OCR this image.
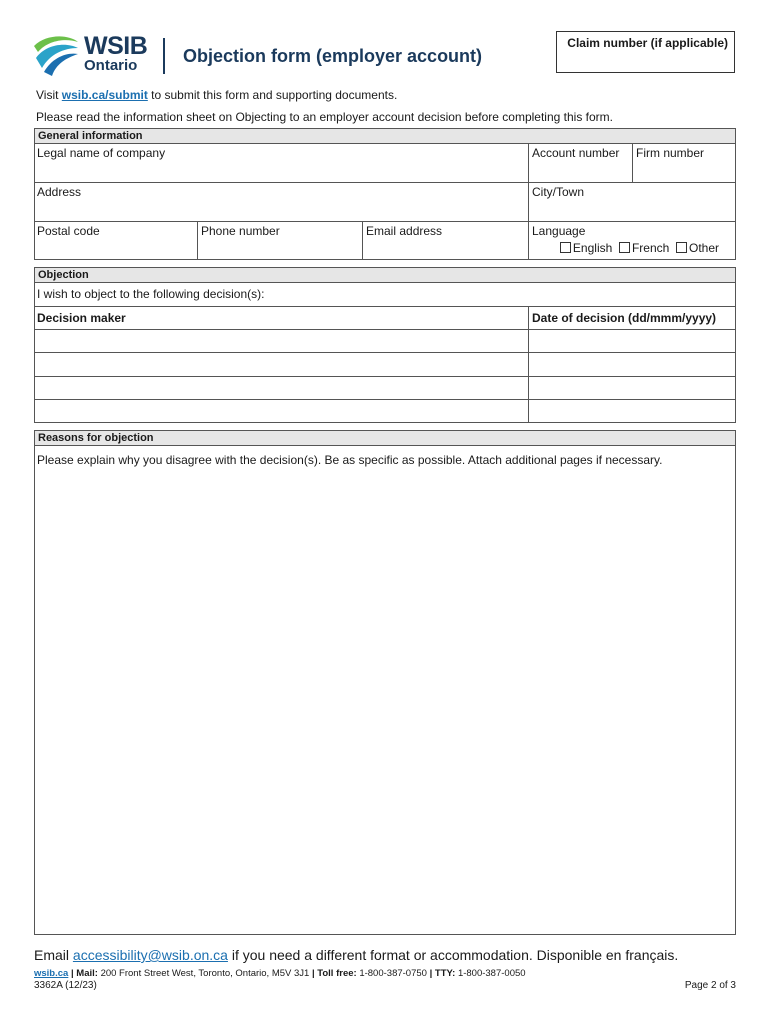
WSIB
Ontario	Objection form (employer account)
Claim number (if applicable)
Visit wsib.ca/submit to submit this form and supporting documents.
Please read the information sheet on Objecting to an employer account decision before completing this form.
General information
Legal name of company	Account number	Firm number
Address	City/Town
Postal code	Phone number	Email address	Language
English French Other
Objection
I wish to object to the following decision(s):
Decision maker	Date of decision (dd/mmm/yyyy)
Reasons for objection
Please explain why you disagree with the decision(s). Be as specific as possible. Attach additional pages if necessary.
Email accessibility@wsib.on.ca if you need a different format or accommodation. Disponible en français.
wsib.ca | Mail: 200 Front Street West, Toronto, Ontario, M5V 3J1 | Toll free: 1-800-387-0750 | TTY: 1-800-387-0050
3362A (12/23)	Page 2 of 3
